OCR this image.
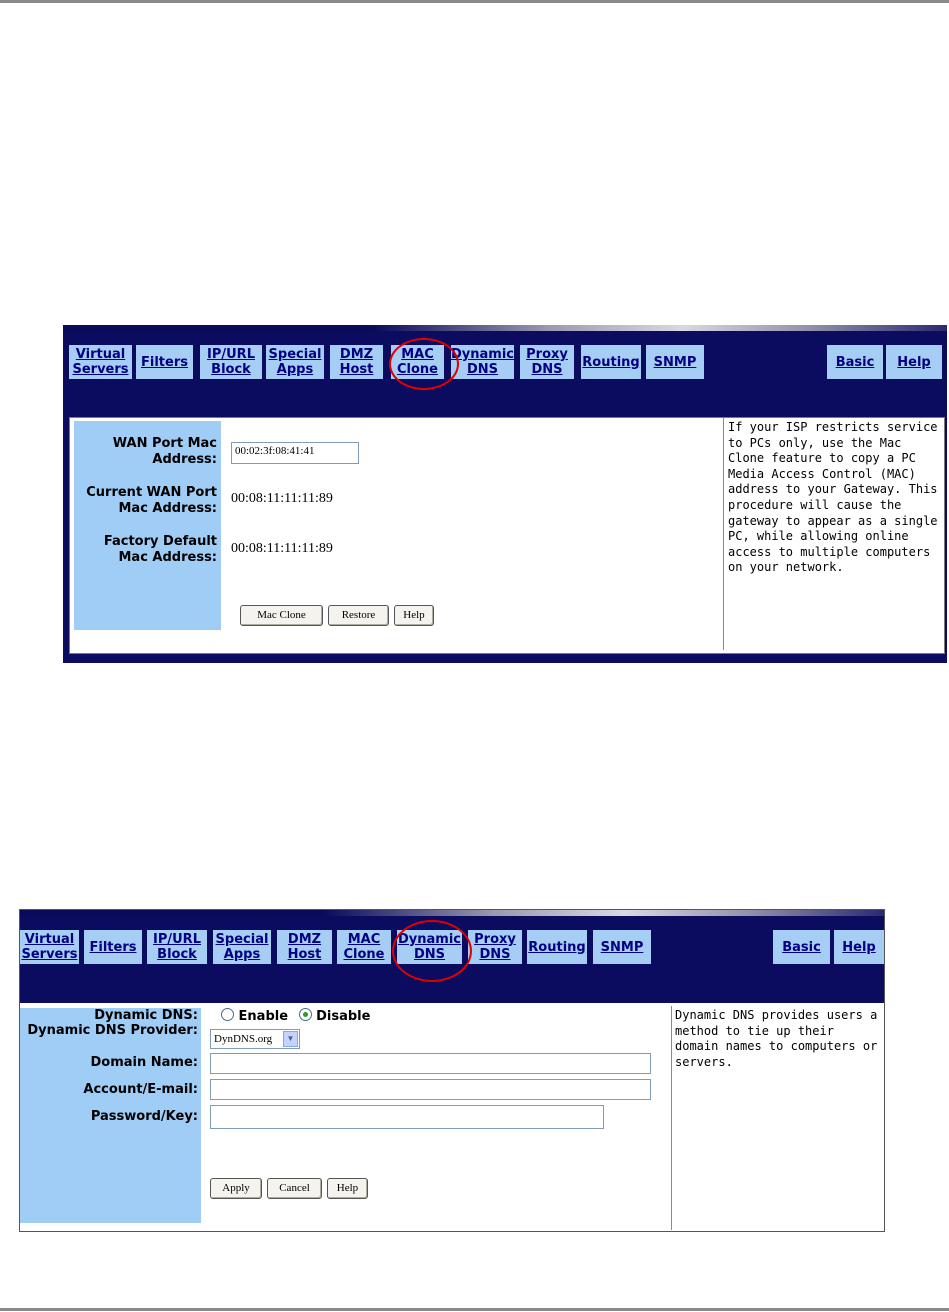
Virtual Servers Filters	IP/URL Block
Special Apps
DMZ Host
MAC Clone
Dynamic DNS
Proxy DNS	Routing	SNMP	Basic	Help
WAN Port Mac Address:
00:02:3f:08:41:41
Current WAN Port Mac Address:
00:08:11:11:11:89
Factory Default Mac Address:
00:08:11:11:11:89
Mac Clone	Restore	Help
If your ISP restricts service to PCs only, use the Mac Clone feature to copy a PC Media Access Control (MAC) address to your Gateway. This procedure will cause the gateway to appear as a single PC, while allowing online access to multiple computers on your network.
Virtual Servers Filters	IP/URL Block
Special Apps
DMZ Host
MAC Clone
Dynamic DNS
Proxy DNS	Routing	SNMP	Basic	Help
Dynamic DNS:	Enable Disable
Dynamic DNS Provider:
DynDNS.org	▼
Domain Name:
Account/E-mail:
Password/Key:
Apply	Cancel	Help
Dynamic DNS provides users a method to tie up their domain names to computers or servers.
